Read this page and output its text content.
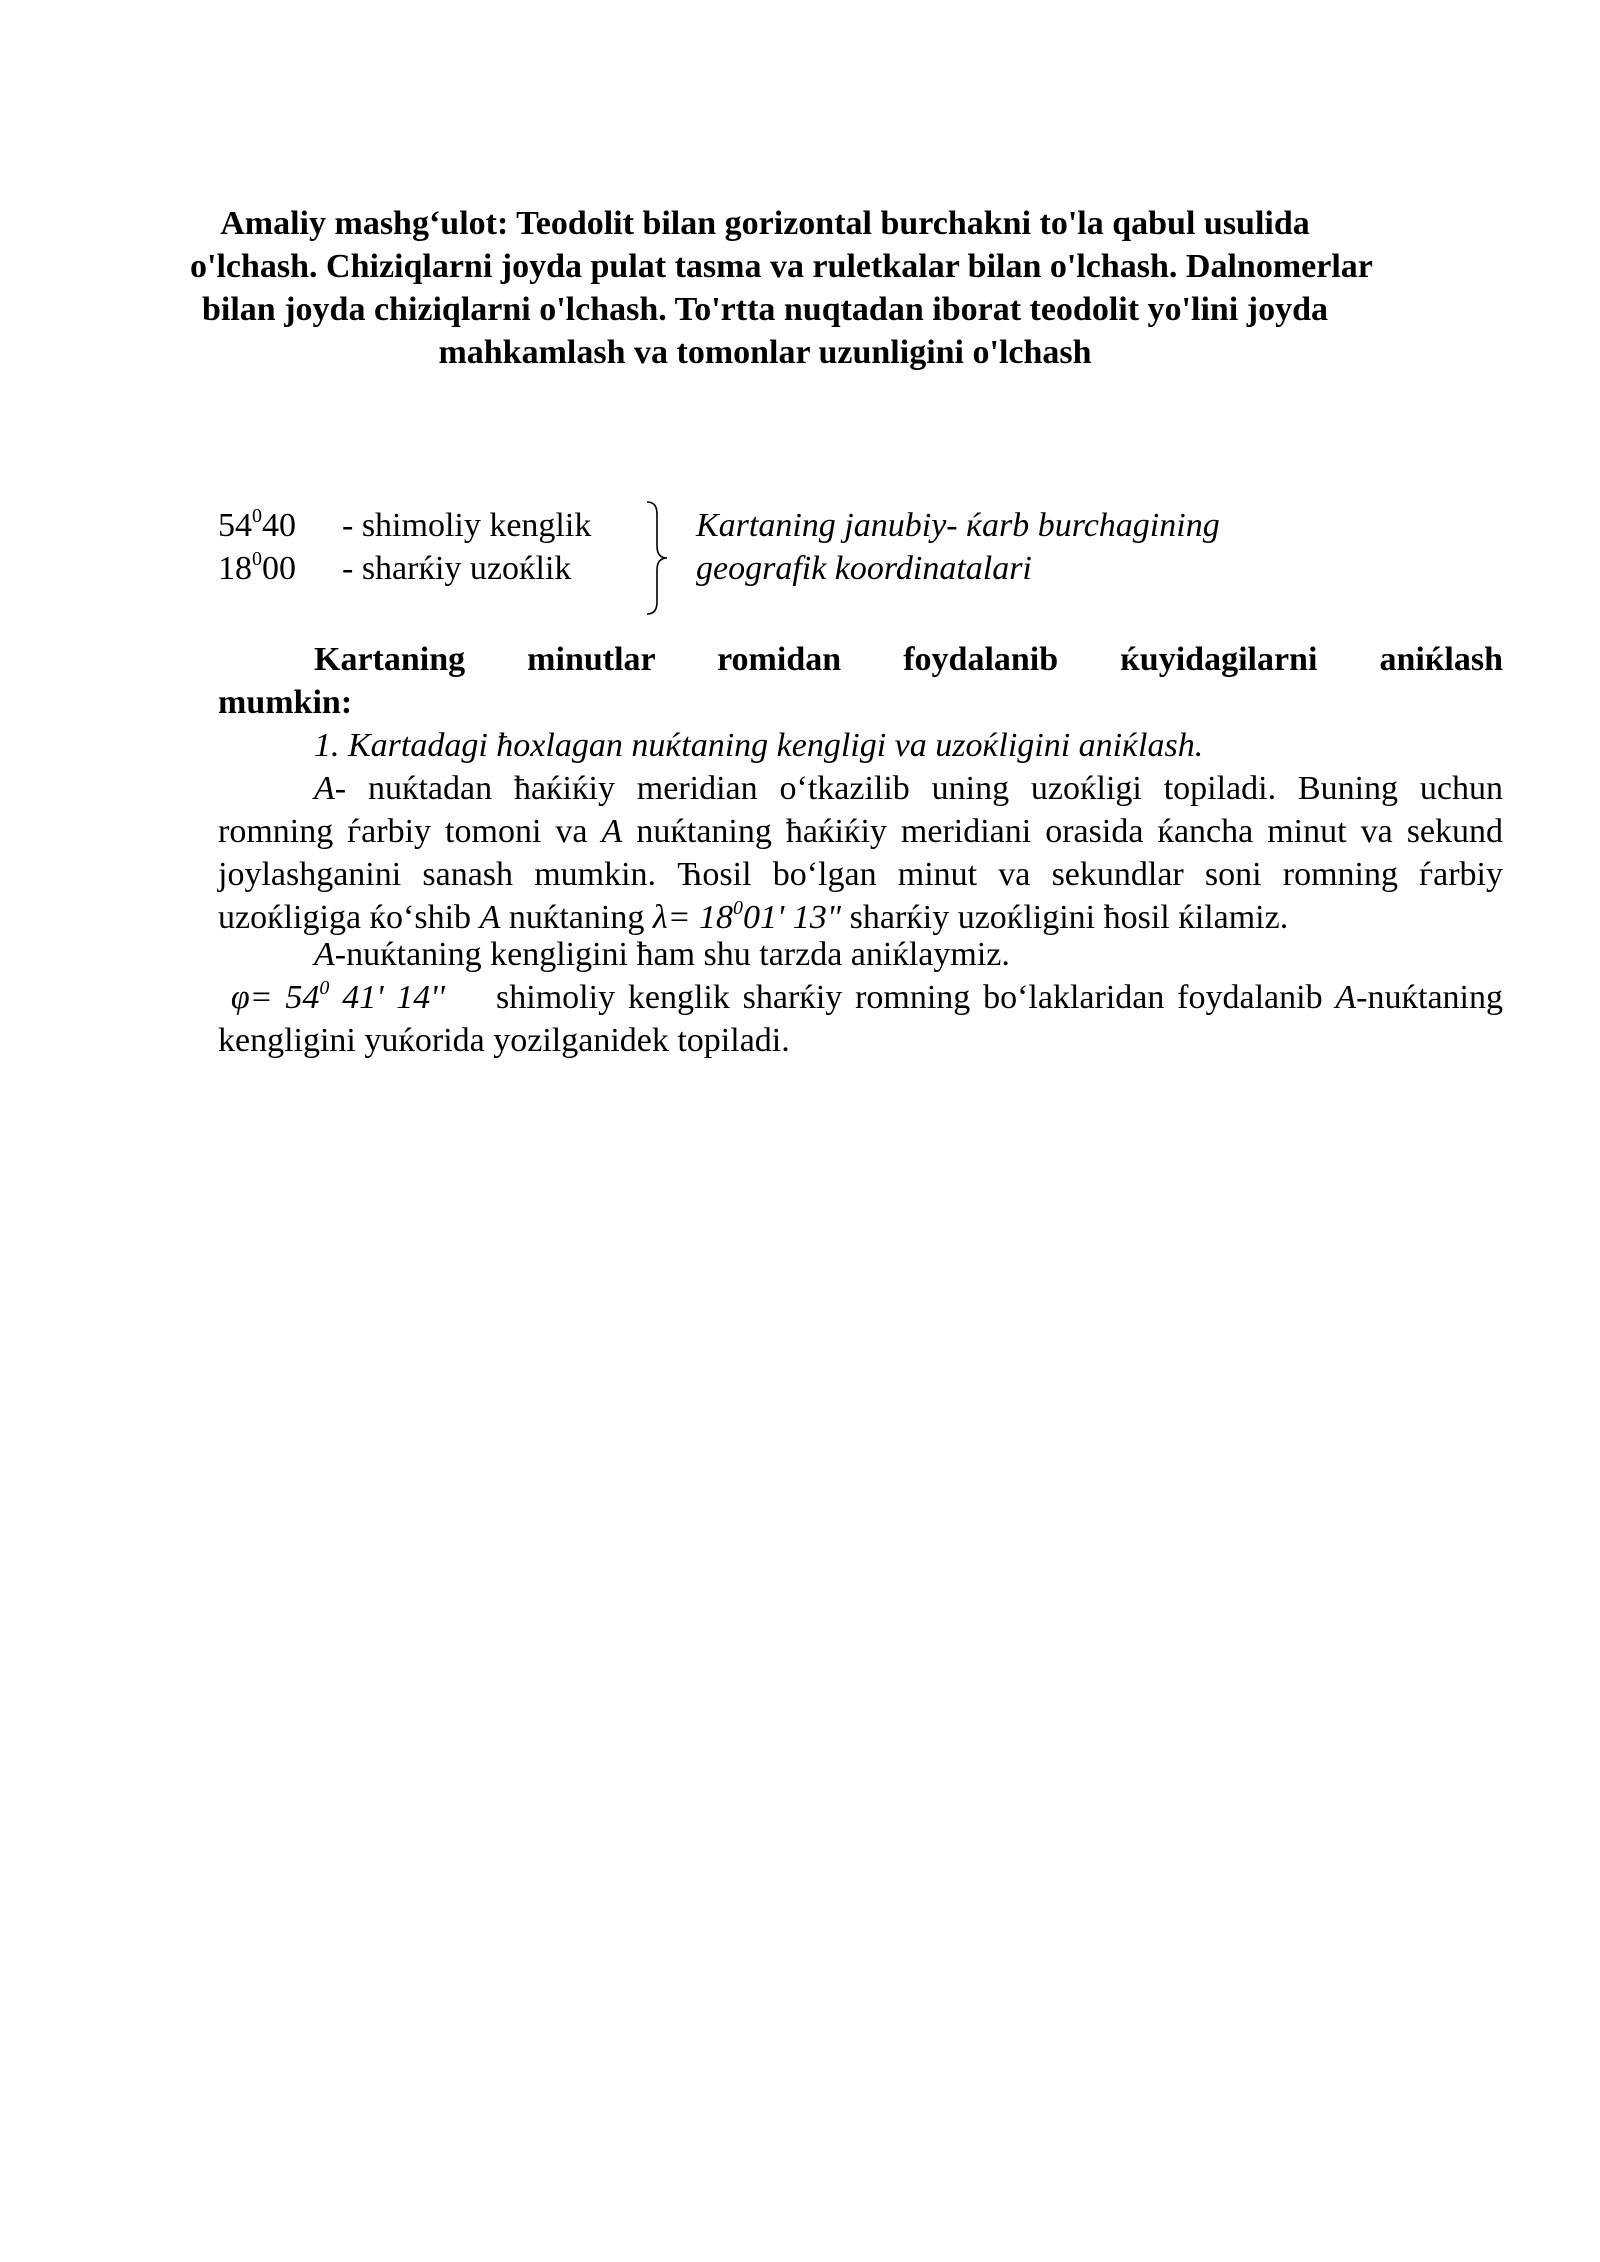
Amaliy mashg‘ulot: Teodolit bilan gorizontal burchakni to'la qabul usulida
o'lchash. Chiziqlarni joyda pulat tasma va ruletkalar bilan o'lchash. Dalnomerlar
bilan joyda chiziqlarni o'lchash. To'rtta nuqtadan iborat teodolit yo'lini joyda
mahkamlash va tomonlar uzunligini o'lchash
$54^040$ - shimoliy kenglik
$18^000$ - sharќiy uzoќlik
Kartaning janubiy- ќarb burchagining
geografik koordinatalari
Kartaning minutlar romidan foydalanib ќuyidagilarni aniќlash mumkin:
1. Kartadagi ħoxlagan nuќtaning kengligi va uzoќligini aniќlash.
A- nuќtadan ħaќiќiy meridian o‘tkazilib uning uzoќligi topiladi. Buning uchun romning ѓarbiy tomoni va A nuќtaning ħaќiќiy meridiani orasida ќancha minut va sekund joylashganini sanash mumkin. Ћosil bo‘lgan minut va sekundlar soni romning ѓarbiy uzoќligiga ќo‘shib A nuќtaning $\lambda= 18^001'$ 13" sharќiy uzoќligini ħosil ќilamiz.
A-nuќtaning kengligini ħam shu tarzda aniќlaymiz.
$\varphi= 54^0$ 41' 14'' shimoliy kenglik sharќiy romning bo‘laklaridan foydalanib A-nuќtaning kengligini yuќorida yozilganidek topiladi.
